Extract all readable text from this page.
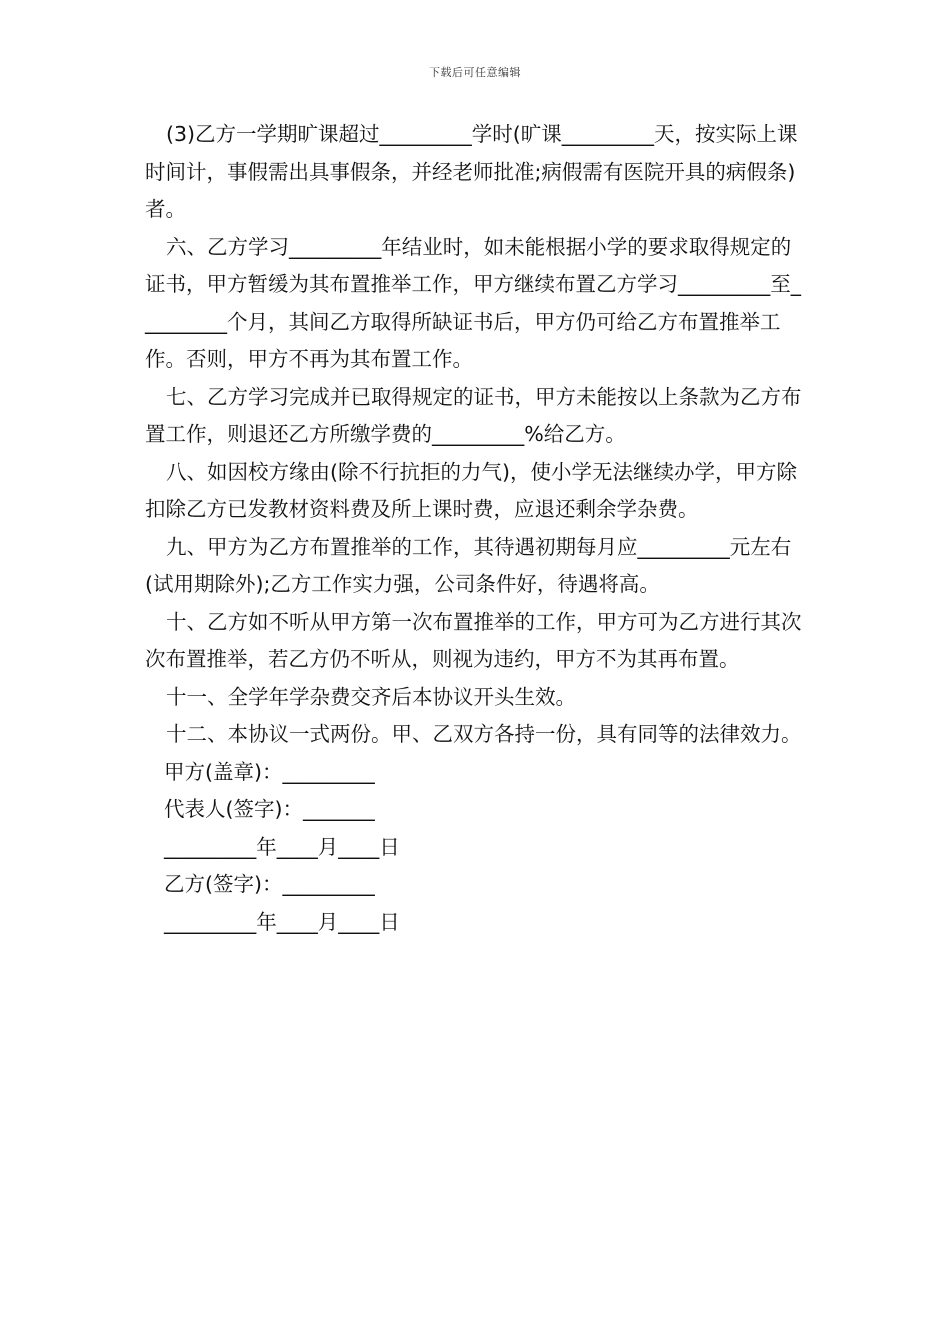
下载后可任意编辑

(3)乙方一学期旷课超过_________学时(旷课_________天，按实际上课时间计，事假需出具事假条，并经老师批准;病假需有医院开具的病假条)者。

六、乙方学习_________年结业时，如未能根据小学的要求取得规定的证书，甲方暂缓为其布置推举工作，甲方继续布置乙方学习_________至_________个月，其间乙方取得所缺证书后，甲方仍可给乙方布置推举工作。否则，甲方不再为其布置工作。

七、乙方学习完成并已取得规定的证书，甲方未能按以上条款为乙方布置工作，则退还乙方所缴学费的_________%给乙方。

八、如因校方缘由(除不行抗拒的力气)，使小学无法继续办学，甲方除扣除乙方已发教材资料费及所上课时费，应退还剩余学杂费。

九、甲方为乙方布置推举的工作，其待遇初期每月应_________元左右(试用期除外);乙方工作实力强，公司条件好，待遇将高。

十、乙方如不听从甲方第一次布置推举的工作，甲方可为乙方进行其次次布置推举，若乙方仍不听从，则视为违约，甲方不为其再布置。

十一、全学年学杂费交齐后本协议开头生效。

十二、本协议一式两份。甲、乙双方各持一份，具有同等的法律效力。

甲方(盖章)：_________

代表人(签字)：_______

_________年____月____日

乙方(签字)：_________

_________年____月____日
